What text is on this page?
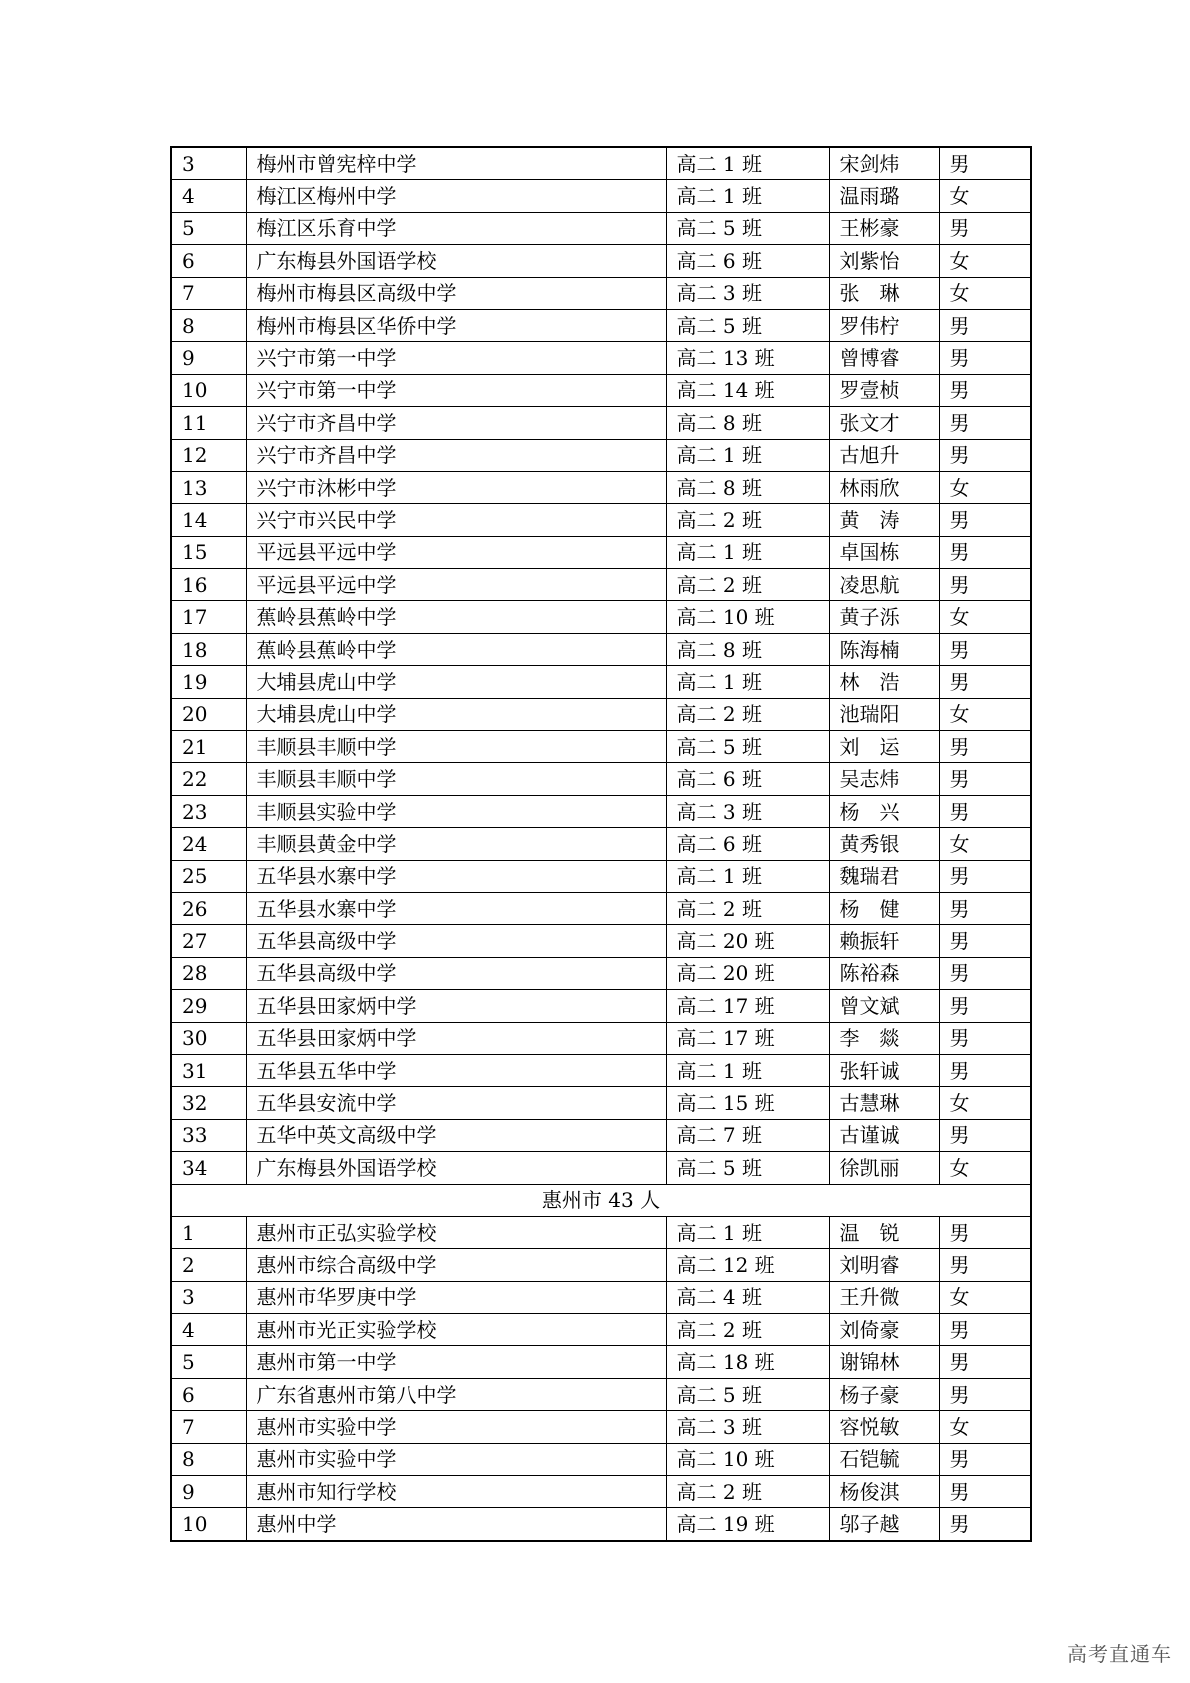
3	梅州市曾宪梓中学	高二 1 班	宋剑炜	男
4	梅江区梅州中学	高二 1 班	温雨璐	女
5	梅江区乐育中学	高二 5 班	王彬豪	男
6	广东梅县外国语学校	高二 6 班	刘紫怡	女
7	梅州市梅县区高级中学	高二 3 班	张　琳	女
8	梅州市梅县区华侨中学	高二 5 班	罗伟柠	男
9	兴宁市第一中学	高二 13 班	曾博睿	男
10	兴宁市第一中学	高二 14 班	罗壹桢	男
11	兴宁市齐昌中学	高二 8 班	张文才	男
12	兴宁市齐昌中学	高二 1 班	古旭升	男
13	兴宁市沐彬中学	高二 8 班	林雨欣	女
14	兴宁市兴民中学	高二 2 班	黄　涛	男
15	平远县平远中学	高二 1 班	卓国栋	男
16	平远县平远中学	高二 2 班	凌思航	男
17	蕉岭县蕉岭中学	高二 10 班	黄子泺	女
18	蕉岭县蕉岭中学	高二 8 班	陈海楠	男
19	大埔县虎山中学	高二 1 班	林　浩	男
20	大埔县虎山中学	高二 2 班	池瑞阳	女
21	丰顺县丰顺中学	高二 5 班	刘　运	男
22	丰顺县丰顺中学	高二 6 班	吴志炜	男
23	丰顺县实验中学	高二 3 班	杨　兴	男
24	丰顺县黄金中学	高二 6 班	黄秀银	女
25	五华县水寨中学	高二 1 班	魏瑞君	男
26	五华县水寨中学	高二 2 班	杨　健	男
27	五华县高级中学	高二 20 班	赖振轩	男
28	五华县高级中学	高二 20 班	陈裕森	男
29	五华县田家炳中学	高二 17 班	曾文斌	男
30	五华县田家炳中学	高二 17 班	李　燚	男
31	五华县五华中学	高二 1 班	张轩诚	男
32	五华县安流中学	高二 15 班	古慧琳	女
33	五华中英文高级中学	高二 7 班	古谨诚	男
34	广东梅县外国语学校	高二 5 班	徐凯丽	女
惠州市 43 人				
1	惠州市正弘实验学校	高二 1 班	温　锐	男
2	惠州市综合高级中学	高二 12 班	刘明睿	男
3	惠州市华罗庚中学	高二 4 班	王升微	女
4	惠州市光正实验学校	高二 2 班	刘倚豪	男
5	惠州市第一中学	高二 18 班	谢锦林	男
6	广东省惠州市第八中学	高二 5 班	杨子豪	男
7	惠州市实验中学	高二 3 班	容悦敏	女
8	惠州市实验中学	高二 10 班	石铠毓	男
9	惠州市知行学校	高二 2 班	杨俊淇	男
10	惠州中学	高二 19 班	邬子越	男
高考直通车
